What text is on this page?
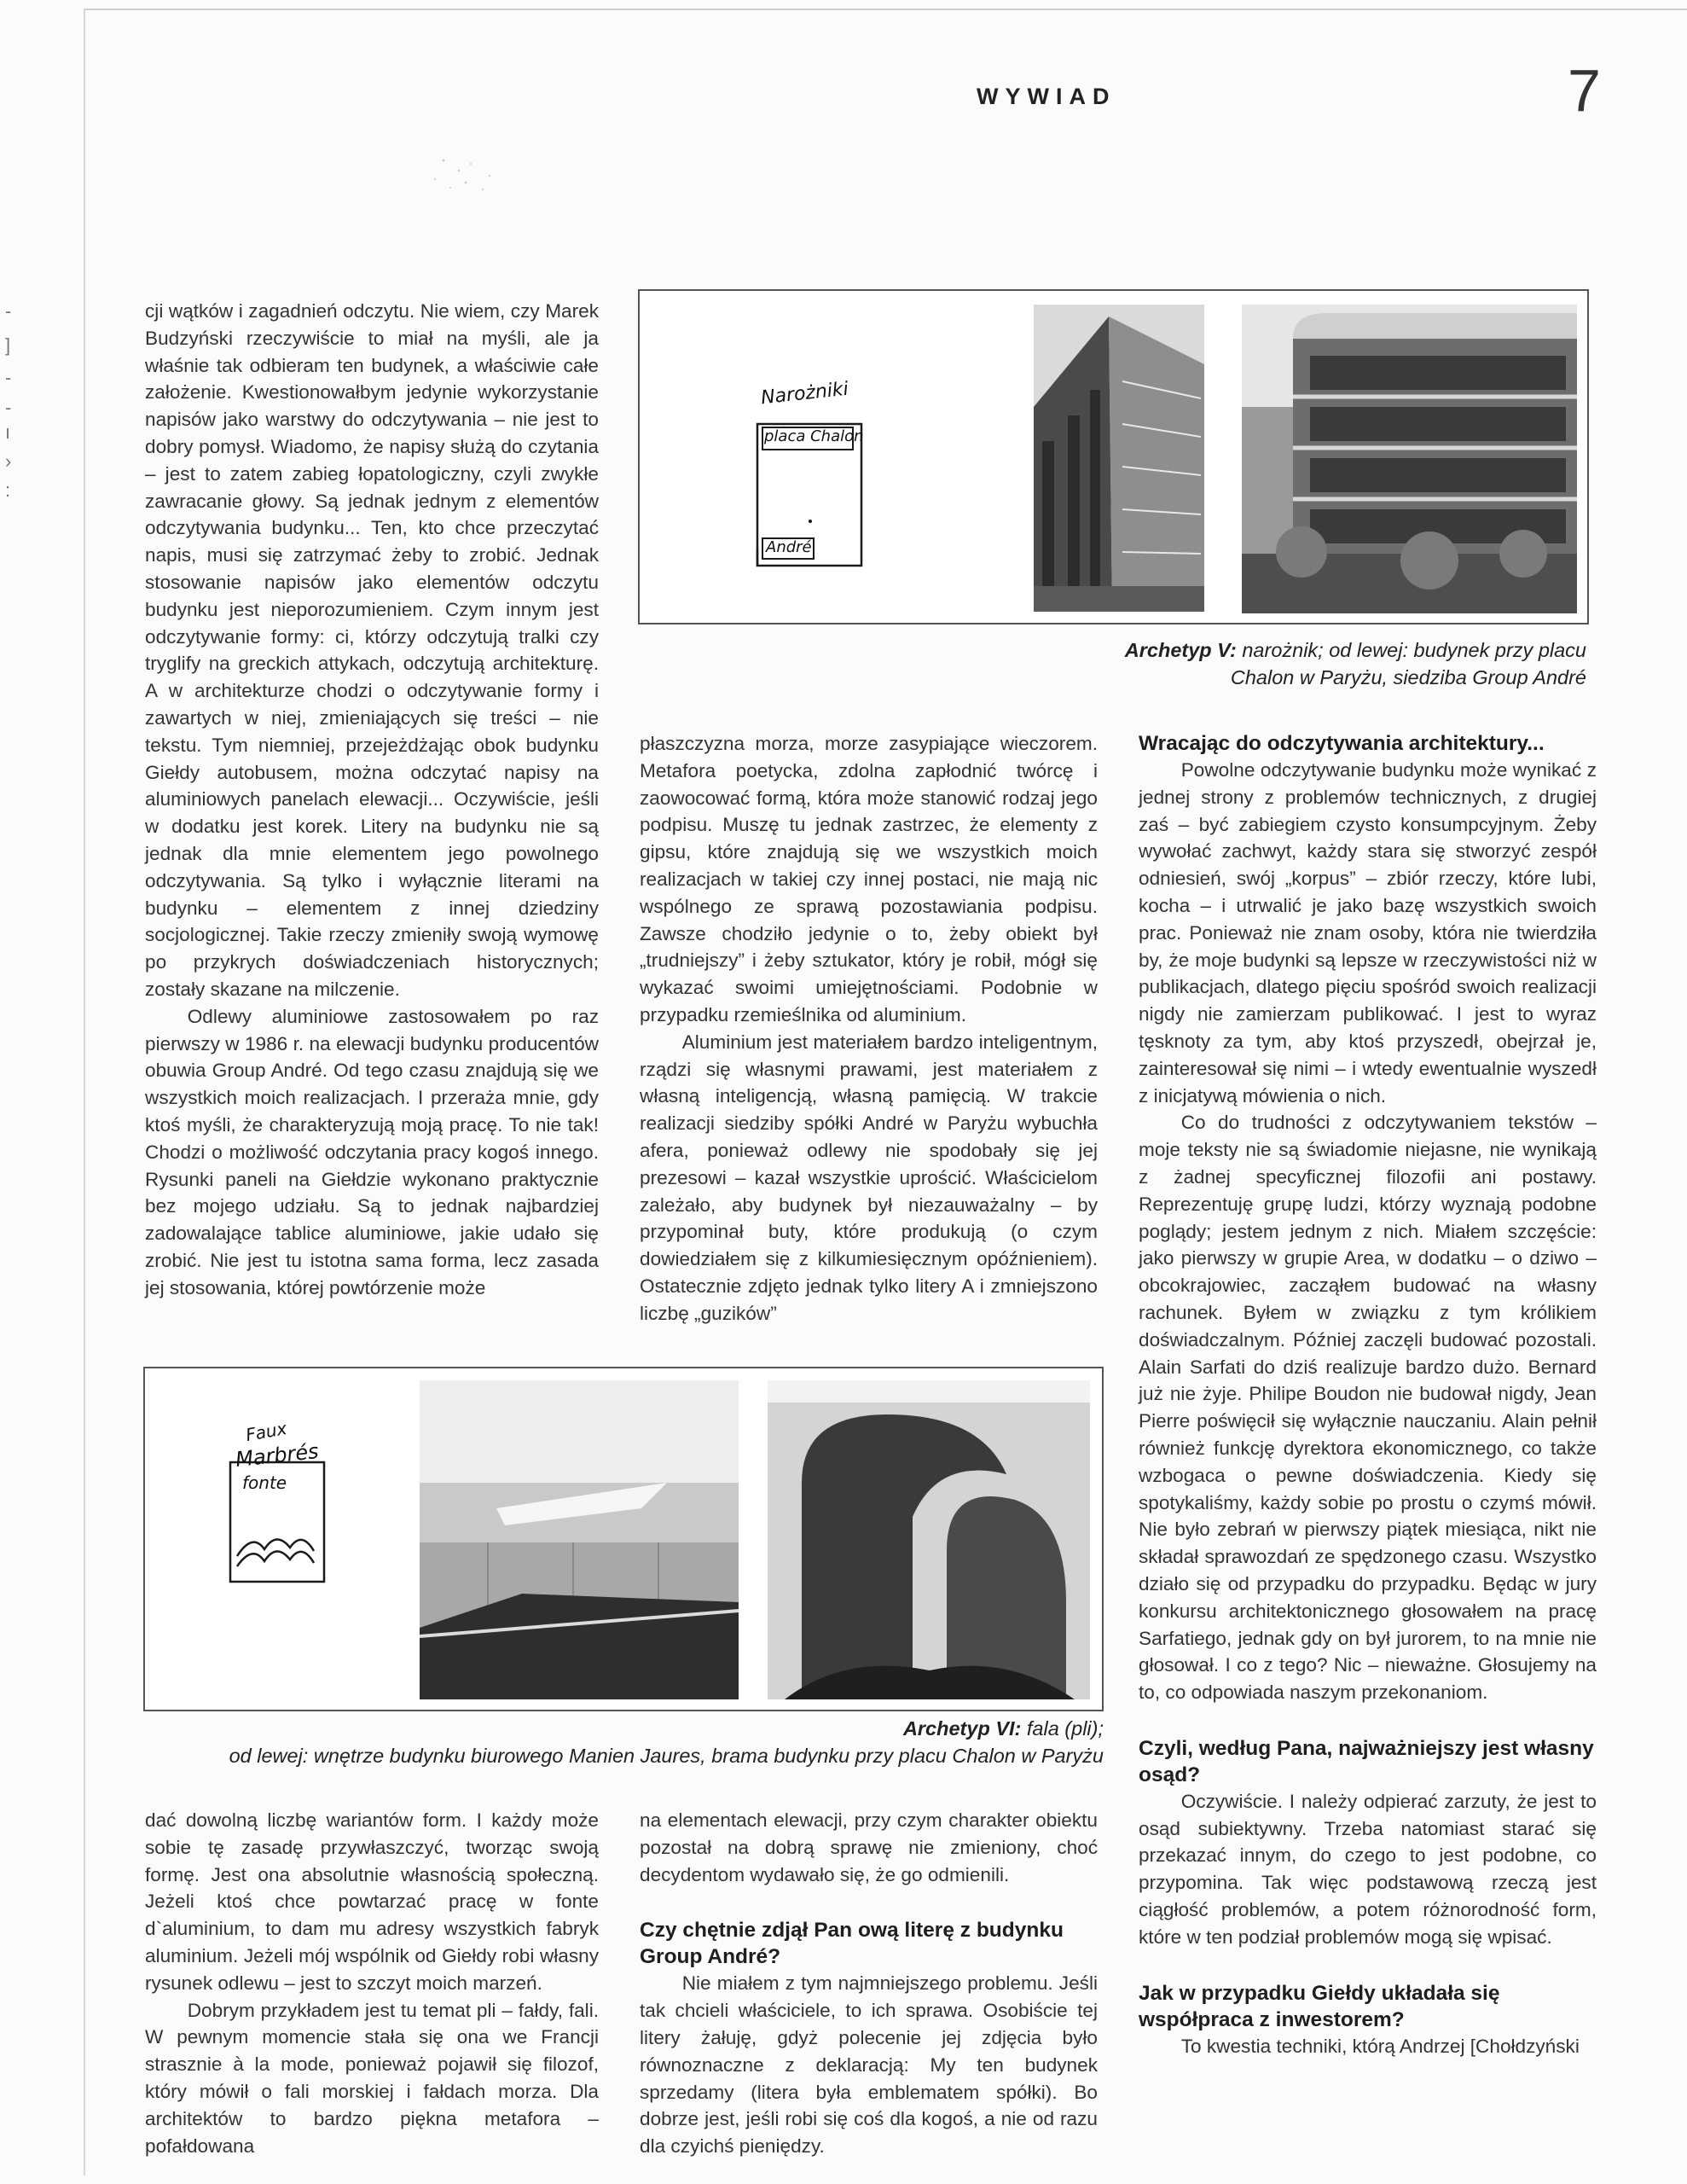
-
]
-
-
ı
›
:
WYWIAD	7
Narożniki
placa Chalon
André
Archetyp V: narożnik; od lewej: budynek przy placu
Chalon w Paryżu, siedziba Group André

cji wątków i zagadnień odczytu. Nie wiem, czy Marek Budzyński rzeczywiście to miał na myśli, ale ja właśnie tak odbieram ten budynek, a właściwie całe założenie. Kwestionowałbym jedynie wykorzystanie napisów jako warstwy do odczytywania – nie jest to dobry pomysł. Wiadomo, że napisy służą do czytania – jest to zatem zabieg łopatologiczny, czyli zwykłe zawracanie głowy. Są jednak jednym z elementów odczytywania budynku... Ten, kto chce przeczytać napis, musi się zatrzymać żeby to zrobić. Jednak stosowanie napisów jako elementów odczytu budynku jest nieporozumieniem. Czym innym jest odczytywanie formy: ci, którzy odczytują tralki czy tryglify na greckich attykach, odczytują architekturę. A w architekturze chodzi o odczytywanie formy i zawartych w niej, zmieniających się treści – nie tekstu. Tym niemniej, przejeżdżając obok budynku Giełdy autobusem, można odczytać napisy na aluminiowych panelach elewacji... Oczywiście, jeśli w dodatku jest korek. Litery na budynku nie są jednak dla mnie elementem jego powolnego odczytywania. Są tylko i wyłącznie literami na budynku – elementem z innej dziedziny socjologicznej. Takie rzeczy zmieniły swoją wymowę po przykrych doświadczeniach historycznych; zostały skazane na milczenie.

Odlewy aluminiowe zastosowałem po raz pierwszy w 1986 r. na elewacji budynku producentów obuwia Group André. Od tego czasu znajdują się we wszystkich moich realizacjach. I przeraża mnie, gdy ktoś myśli, że charakteryzują moją pracę. To nie tak! Chodzi o możliwość odczytania pracy kogoś innego. Rysunki paneli na Giełdzie wykonano praktycznie bez mojego udziału. Są to jednak najbardziej zadowalające tablice aluminiowe, jakie udało się zrobić. Nie jest tu istotna sama forma, lecz zasada jej stosowania, której powtórzenie może

płaszczyzna morza, morze zasypiające wieczorem. Metafora poetycka, zdolna zapłodnić twórcę i zaowocować formą, która może stanowić rodzaj jego podpisu. Muszę tu jednak zastrzec, że elementy z gipsu, które znajdują się we wszystkich moich realizacjach w takiej czy innej postaci, nie mają nic wspólnego ze sprawą pozostawiania podpisu. Zawsze chodziło jedynie o to, żeby obiekt był „trudniejszy” i żeby sztukator, który je robił, mógł się wykazać swoimi umiejętnościami. Podobnie w przypadku rzemieślnika od aluminium.

Aluminium jest materiałem bardzo inteligentnym, rządzi się własnymi prawami, jest materiałem z własną inteligencją, własną pamięcią. W trakcie realizacji siedziby spółki André w Paryżu wybuchła afera, ponieważ odlewy nie spodobały się jej prezesowi – kazał wszystkie uprościć. Właścicielom zależało, aby budynek był niezauważalny – by przypominał buty, które produkują (o czym dowiedziałem się z kilkumiesięcznym opóźnieniem). Ostatecznie zdjęto jednak tylko litery A i zmniejszono liczbę „guzików”

Wracając do odczytywania architektury...

Powolne odczytywanie budynku może wynikać z jednej strony z problemów technicznych, z drugiej zaś – być zabiegiem czysto konsumpcyjnym. Żeby wywołać zachwyt, każdy stara się stworzyć zespół odniesień, swój „korpus” – zbiór rzeczy, które lubi, kocha – i utrwalić je jako bazę wszystkich swoich prac. Ponieważ nie znam osoby, która nie twierdziła by, że moje budynki są lepsze w rzeczywistości niż w publikacjach, dlatego pięciu spośród swoich realizacji nigdy nie zamierzam publikować. I jest to wyraz tęsknoty za tym, aby ktoś przyszedł, obejrzał je, zainteresował się nimi – i wtedy ewentualnie wyszedł z inicjatywą mówienia o nich.

Co do trudności z odczytywaniem tekstów – moje teksty nie są świadomie niejasne, nie wynikają z żadnej specyficznej filozofii ani postawy. Reprezentuję grupę ludzi, którzy wyznają podobne poglądy; jestem jednym z nich. Miałem szczęście: jako pierwszy w grupie Area, w dodatku – o dziwo – obcokrajowiec, zacząłem budować na własny rachunek. Byłem w związku z tym królikiem doświadczalnym. Później zaczęli budować pozostali. Alain Sarfati do dziś realizuje bardzo dużo. Bernard już nie żyje. Philipe Boudon nie budował nigdy, Jean Pierre poświęcił się wyłącznie nauczaniu. Alain pełnił również funkcję dyrektora ekonomicznego, co także wzbogaca o pewne doświadczenia. Kiedy się spotykaliśmy, każdy sobie po prostu o czymś mówił. Nie było zebrań w pierwszy piątek miesiąca, nikt nie składał sprawozdań ze spędzonego czasu. Wszystko działo się od przypadku do przypadku. Będąc w jury konkursu architektonicznego głosowałem na pracę Sarfatiego, jednak gdy on był jurorem, to na mnie nie głosował. I co z tego? Nic – nieważne. Głosujemy na to, co odpowiada naszym przekonaniom.

Czyli, według Pana, najważniejszy jest własny osąd?

Oczywiście. I należy odpierać zarzuty, że jest to osąd subiektywny. Trzeba natomiast starać się przekazać innym, do czego to jest podobne, co przypomina. Tak więc podstawową rzeczą jest ciągłość problemów, a potem różnorodność form, które w ten podział problemów mogą się wpisać.

Jak w przypadku Giełdy układała się współpraca z inwestorem?

To kwestia techniki, którą Andrzej [Chołdzyński

Faux
Marbrés
fonte
Archetyp VI: fala (pli);
od lewej: wnętrze budynku biurowego Manien Jaures, brama budynku przy placu Chalon w Paryżu

dać dowolną liczbę wariantów form. I każdy może sobie tę zasadę przywłaszczyć, tworząc swoją formę. Jest ona absolutnie własnością społeczną. Jeżeli ktoś chce powtarzać pracę w fonte d`aluminium, to dam mu adresy wszystkich fabryk aluminium. Jeżeli mój wspólnik od Giełdy robi własny rysunek odlewu – jest to szczyt moich marzeń.

Dobrym przykładem jest tu temat pli – fałdy, fali. W pewnym momencie stała się ona we Francji strasznie à la mode, ponieważ pojawił się filozof, który mówił o fali morskiej i fałdach morza. Dla architektów to bardzo piękna metafora – pofałdowana

na elementach elewacji, przy czym charakter obiektu pozostał na dobrą sprawę nie zmieniony, choć decydentom wydawało się, że go odmienili.

Czy chętnie zdjął Pan ową literę z budynku Group André?

Nie miałem z tym najmniejszego problemu. Jeśli tak chcieli właściciele, to ich sprawa. Osobiście tej litery żałuję, gdyż polecenie jej zdjęcia było równoznaczne z deklaracją: My ten budynek sprzedamy (litera była emblematem spółki). Bo dobrze jest, jeśli robi się coś dla kogoś, a nie od razu dla czyichś pieniędzy.
